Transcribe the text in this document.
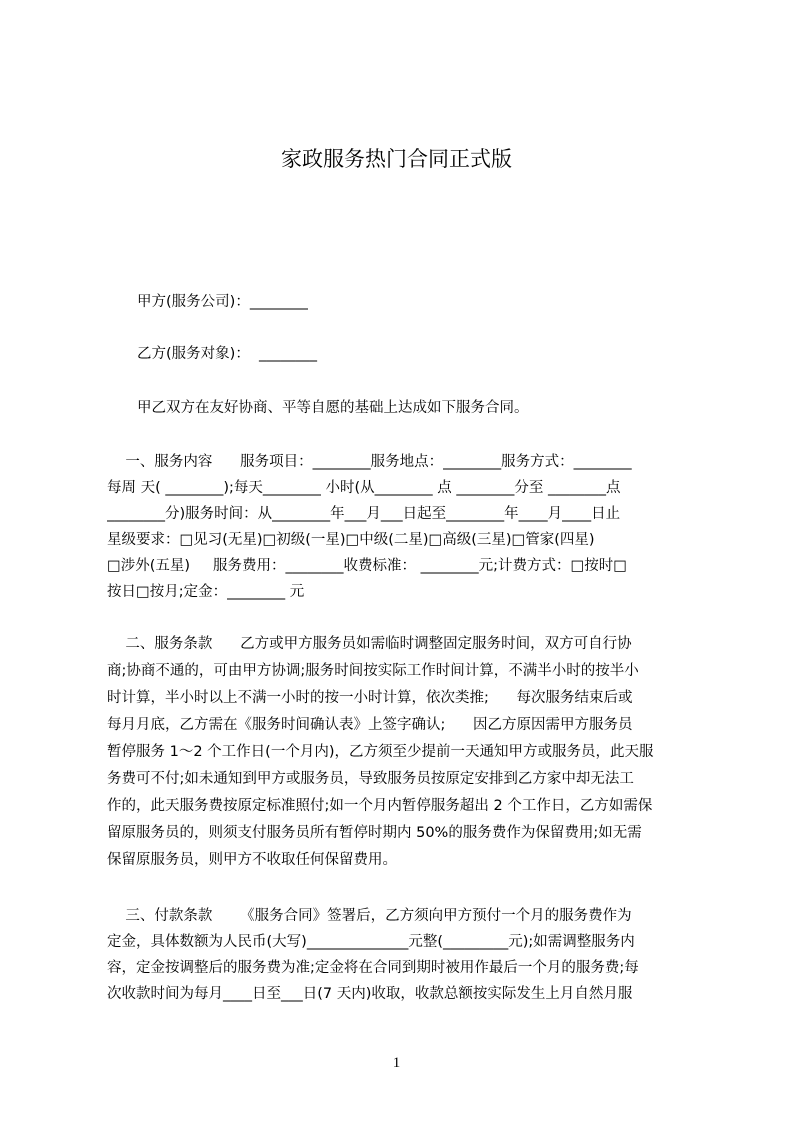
家政服务热门合同正式版
甲方(服务公司)：________
乙方(服务对象)：  ________
甲乙双方在友好协商、平等自愿的基础上达成如下服务合同。
一、服务内容      服务项目：________服务地点：________服务方式：________
每周 天( ________);每天________ 小时(从________ 点 ________分至 ________点
________分)服务时间：从________年___月___日起至________年____月____日止
星级要求：□见习(无星)□初级(一星)□中级(二星)□高级(三星)□管家(四星)
□涉外(五星)     服务费用：________收费标准： ________元;计费方式：□按时□
按日□按月;定金：________ 元
二、服务条款      乙方或甲方服务员如需临时调整固定服务时间，双方可自行协
商;协商不通的，可由甲方协调;服务时间按实际工作时间计算，不满半小时的按半小
时计算，半小时以上不满一小时的按一小时计算，依次类推;      每次服务结束后或
每月月底，乙方需在《服务时间确认表》上签字确认;      因乙方原因需甲方服务员
暂停服务 1～2 个工作日(一个月内)，乙方须至少提前一天通知甲方或服务员，此天服
务费可不付;如未通知到甲方或服务员，导致服务员按原定安排到乙方家中却无法工
作的，此天服务费按原定标准照付;如一个月内暂停服务超出 2 个工作日，乙方如需保
留原服务员的，则须支付服务员所有暂停时期内 50%的服务费作为保留费用;如无需
保留原服务员，则甲方不收取任何保留费用。
三、付款条款      《服务合同》签署后，乙方须向甲方预付一个月的服务费作为
定金，具体数额为人民币(大写)______________元整(_________元);如需调整服务内
容，定金按调整后的服务费为准;定金将在合同到期时被用作最后一个月的服务费;每
次收款时间为每月____日至___日(7 天内)收取，收款总额按实际发生上月自然月服
1
